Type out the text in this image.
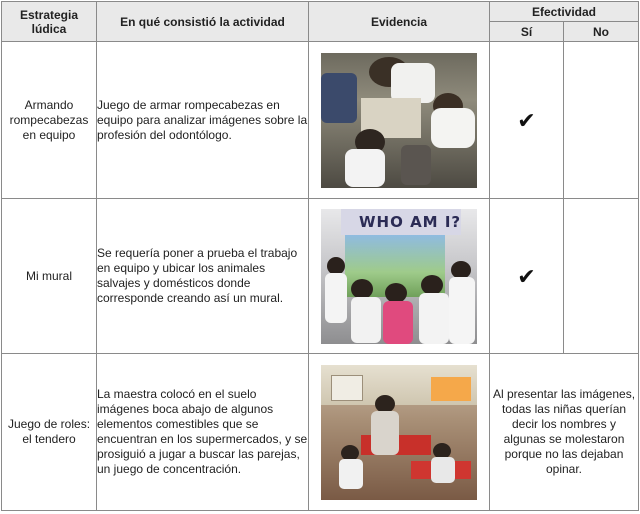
Estrategia lúdica	En qué consistió la actividad	Evidencia	Efectividad	
			Sí	No
Armando rompecabezas en equipo	Juego de armar rompecabezas en equipo para analizar imágenes sobre la profesión del odontólogo.		✔	
Mi mural	Se requería poner a prueba el trabajo en equipo y ubicar los animales salvajes y domésticos donde corresponde creando así un mural.	WHO AM I?	✔	
Juego de roles: el tendero	La maestra colocó en el suelo imágenes boca abajo de algunos elementos comestibles que se encuentran en los supermercados, y se prosiguió a jugar a buscar las parejas, un juego de concentración.		Al presentar las imágenes, todas las niñas querían decir los nombres y algunas se molestaron porque no las dejaban opinar.	
